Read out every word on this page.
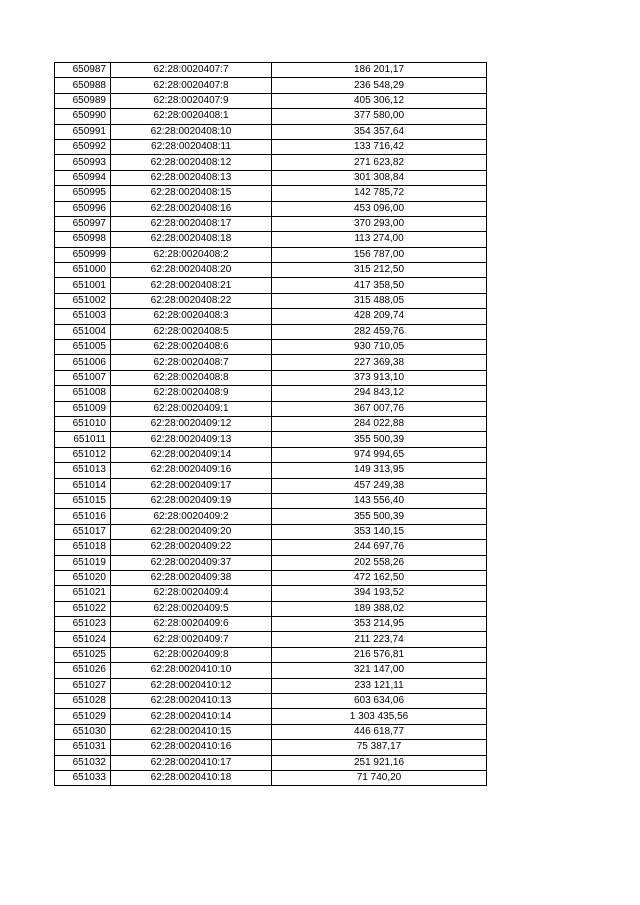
650987	62:28:0020407:7	186 201,17
650988	62:28:0020407:8	236 548,29
650989	62:28:0020407:9	405 306,12
650990	62:28:0020408:1	377 580,00
650991	62:28:0020408:10	354 357,64
650992	62:28:0020408:11	133 716,42
650993	62:28:0020408:12	271 623,82
650994	62:28:0020408:13	301 308,84
650995	62:28:0020408:15	142 785,72
650996	62:28:0020408:16	453 096,00
650997	62:28:0020408:17	370 293,00
650998	62:28:0020408:18	113 274,00
650999	62:28:0020408:2	156 787,00
651000	62:28:0020408:20	315 212,50
651001	62:28:0020408:21	417 358,50
651002	62:28:0020408:22	315 488,05
651003	62:28:0020408:3	428 209,74
651004	62:28:0020408:5	282 459,76
651005	62:28:0020408:6	930 710,05
651006	62:28:0020408:7	227 369,38
651007	62:28:0020408:8	373 913,10
651008	62:28:0020408:9	294 843,12
651009	62:28:0020409:1	367 007,76
651010	62:28:0020409:12	284 022,88
651011	62:28:0020409:13	355 500,39
651012	62:28:0020409:14	974 994,65
651013	62:28:0020409:16	149 313,95
651014	62:28:0020409:17	457 249,38
651015	62:28:0020409:19	143 556,40
651016	62:28:0020409:2	355 500,39
651017	62:28:0020409:20	353 140,15
651018	62:28:0020409:22	244 697,76
651019	62:28:0020409:37	202 558,26
651020	62:28:0020409:38	472 162,50
651021	62:28:0020409:4	394 193,52
651022	62:28:0020409:5	189 388,02
651023	62:28:0020409:6	353 214,95
651024	62:28:0020409:7	211 223,74
651025	62:28:0020409:8	216 576,81
651026	62:28:0020410:10	321 147,00
651027	62:28:0020410:12	233 121,11
651028	62:28:0020410:13	603 634,06
651029	62:28:0020410:14	1 303 435,56
651030	62:28:0020410:15	446 618,77
651031	62:28:0020410:16	75 387,17
651032	62:28:0020410:17	251 921,16
651033	62:28:0020410:18	71 740,20
